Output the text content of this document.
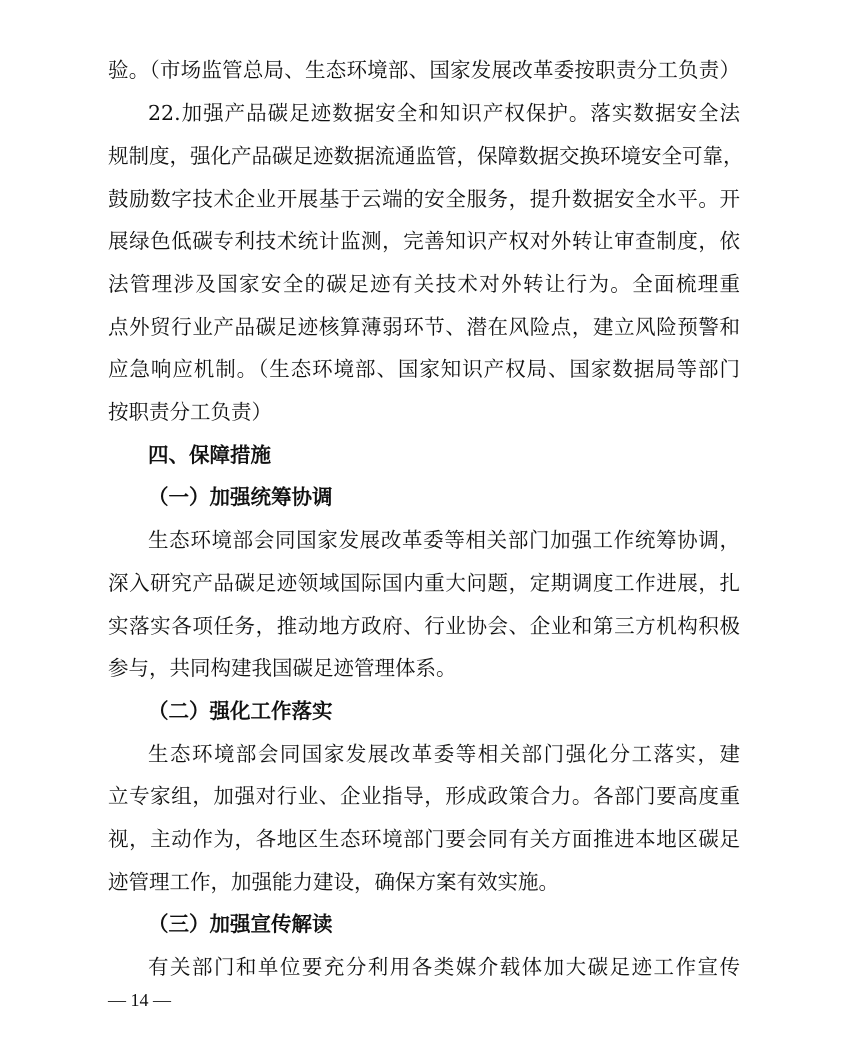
验。（市场监管总局、生态环境部、国家发展改革委按职责分工负责）
22.加强产品碳足迹数据安全和知识产权保护。落实数据安全法
规制度，强化产品碳足迹数据流通监管，保障数据交换环境安全可靠，
鼓励数字技术企业开展基于云端的安全服务，提升数据安全水平。开
展绿色低碳专利技术统计监测，完善知识产权对外转让审查制度，依
法管理涉及国家安全的碳足迹有关技术对外转让行为。全面梳理重
点外贸行业产品碳足迹核算薄弱环节、潜在风险点，建立风险预警和
应急响应机制。（生态环境部、国家知识产权局、国家数据局等部门
按职责分工负责）
四、保障措施
（一）加强统筹协调
生态环境部会同国家发展改革委等相关部门加强工作统筹协调，
深入研究产品碳足迹领域国际国内重大问题，定期调度工作进展，扎
实落实各项任务，推动地方政府、行业协会、企业和第三方机构积极
参与，共同构建我国碳足迹管理体系。
（二）强化工作落实
生态环境部会同国家发展改革委等相关部门强化分工落实，建
立专家组，加强对行业、企业指导，形成政策合力。各部门要高度重
视，主动作为，各地区生态环境部门要会同有关方面推进本地区碳足
迹管理工作，加强能力建设，确保方案有效实施。
（三）加强宣传解读
有关部门和单位要充分利用各类媒介载体加大碳足迹工作宣传
— 14 —
